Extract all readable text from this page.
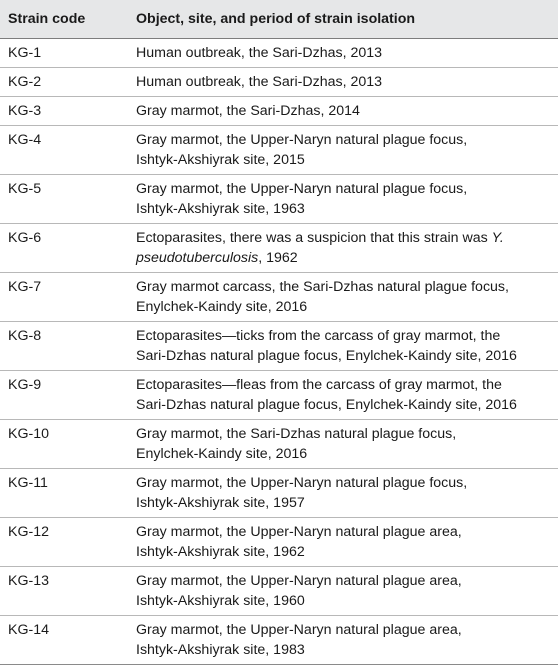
Strain code	Object, site, and period of strain isolation
KG-1	Human outbreak, the Sari-Dzhas, 2013
KG-2	Human outbreak, the Sari-Dzhas, 2013
KG-3	Gray marmot, the Sari-Dzhas, 2014
KG-4	Gray marmot, the Upper-Naryn natural plague focus,
Ishtyk-Akshiyrak site, 2015
KG-5	Gray marmot, the Upper-Naryn natural plague focus,
Ishtyk-Akshiyrak site, 1963
KG-6	Ectoparasites, there was a suspicion that this strain was Y.
pseudotuberculosis, 1962
KG-7	Gray marmot carcass, the Sari-Dzhas natural plague focus,
Enylchek-Kaindy site, 2016
KG-8	Ectoparasites—ticks from the carcass of gray marmot, the
Sari-Dzhas natural plague focus, Enylchek-Kaindy site, 2016
KG-9	Ectoparasites—fleas from the carcass of gray marmot, the
Sari-Dzhas natural plague focus, Enylchek-Kaindy site, 2016
KG-10	Gray marmot, the Sari-Dzhas natural plague focus,
Enylchek-Kaindy site, 2016
KG-11	Gray marmot, the Upper-Naryn natural plague focus,
Ishtyk-Akshiyrak site, 1957
KG-12	Gray marmot, the Upper-Naryn natural plague area,
Ishtyk-Akshiyrak site, 1962
KG-13	Gray marmot, the Upper-Naryn natural plague area,
Ishtyk-Akshiyrak site, 1960
KG-14	Gray marmot, the Upper-Naryn natural plague area,
Ishtyk-Akshiyrak site, 1983
